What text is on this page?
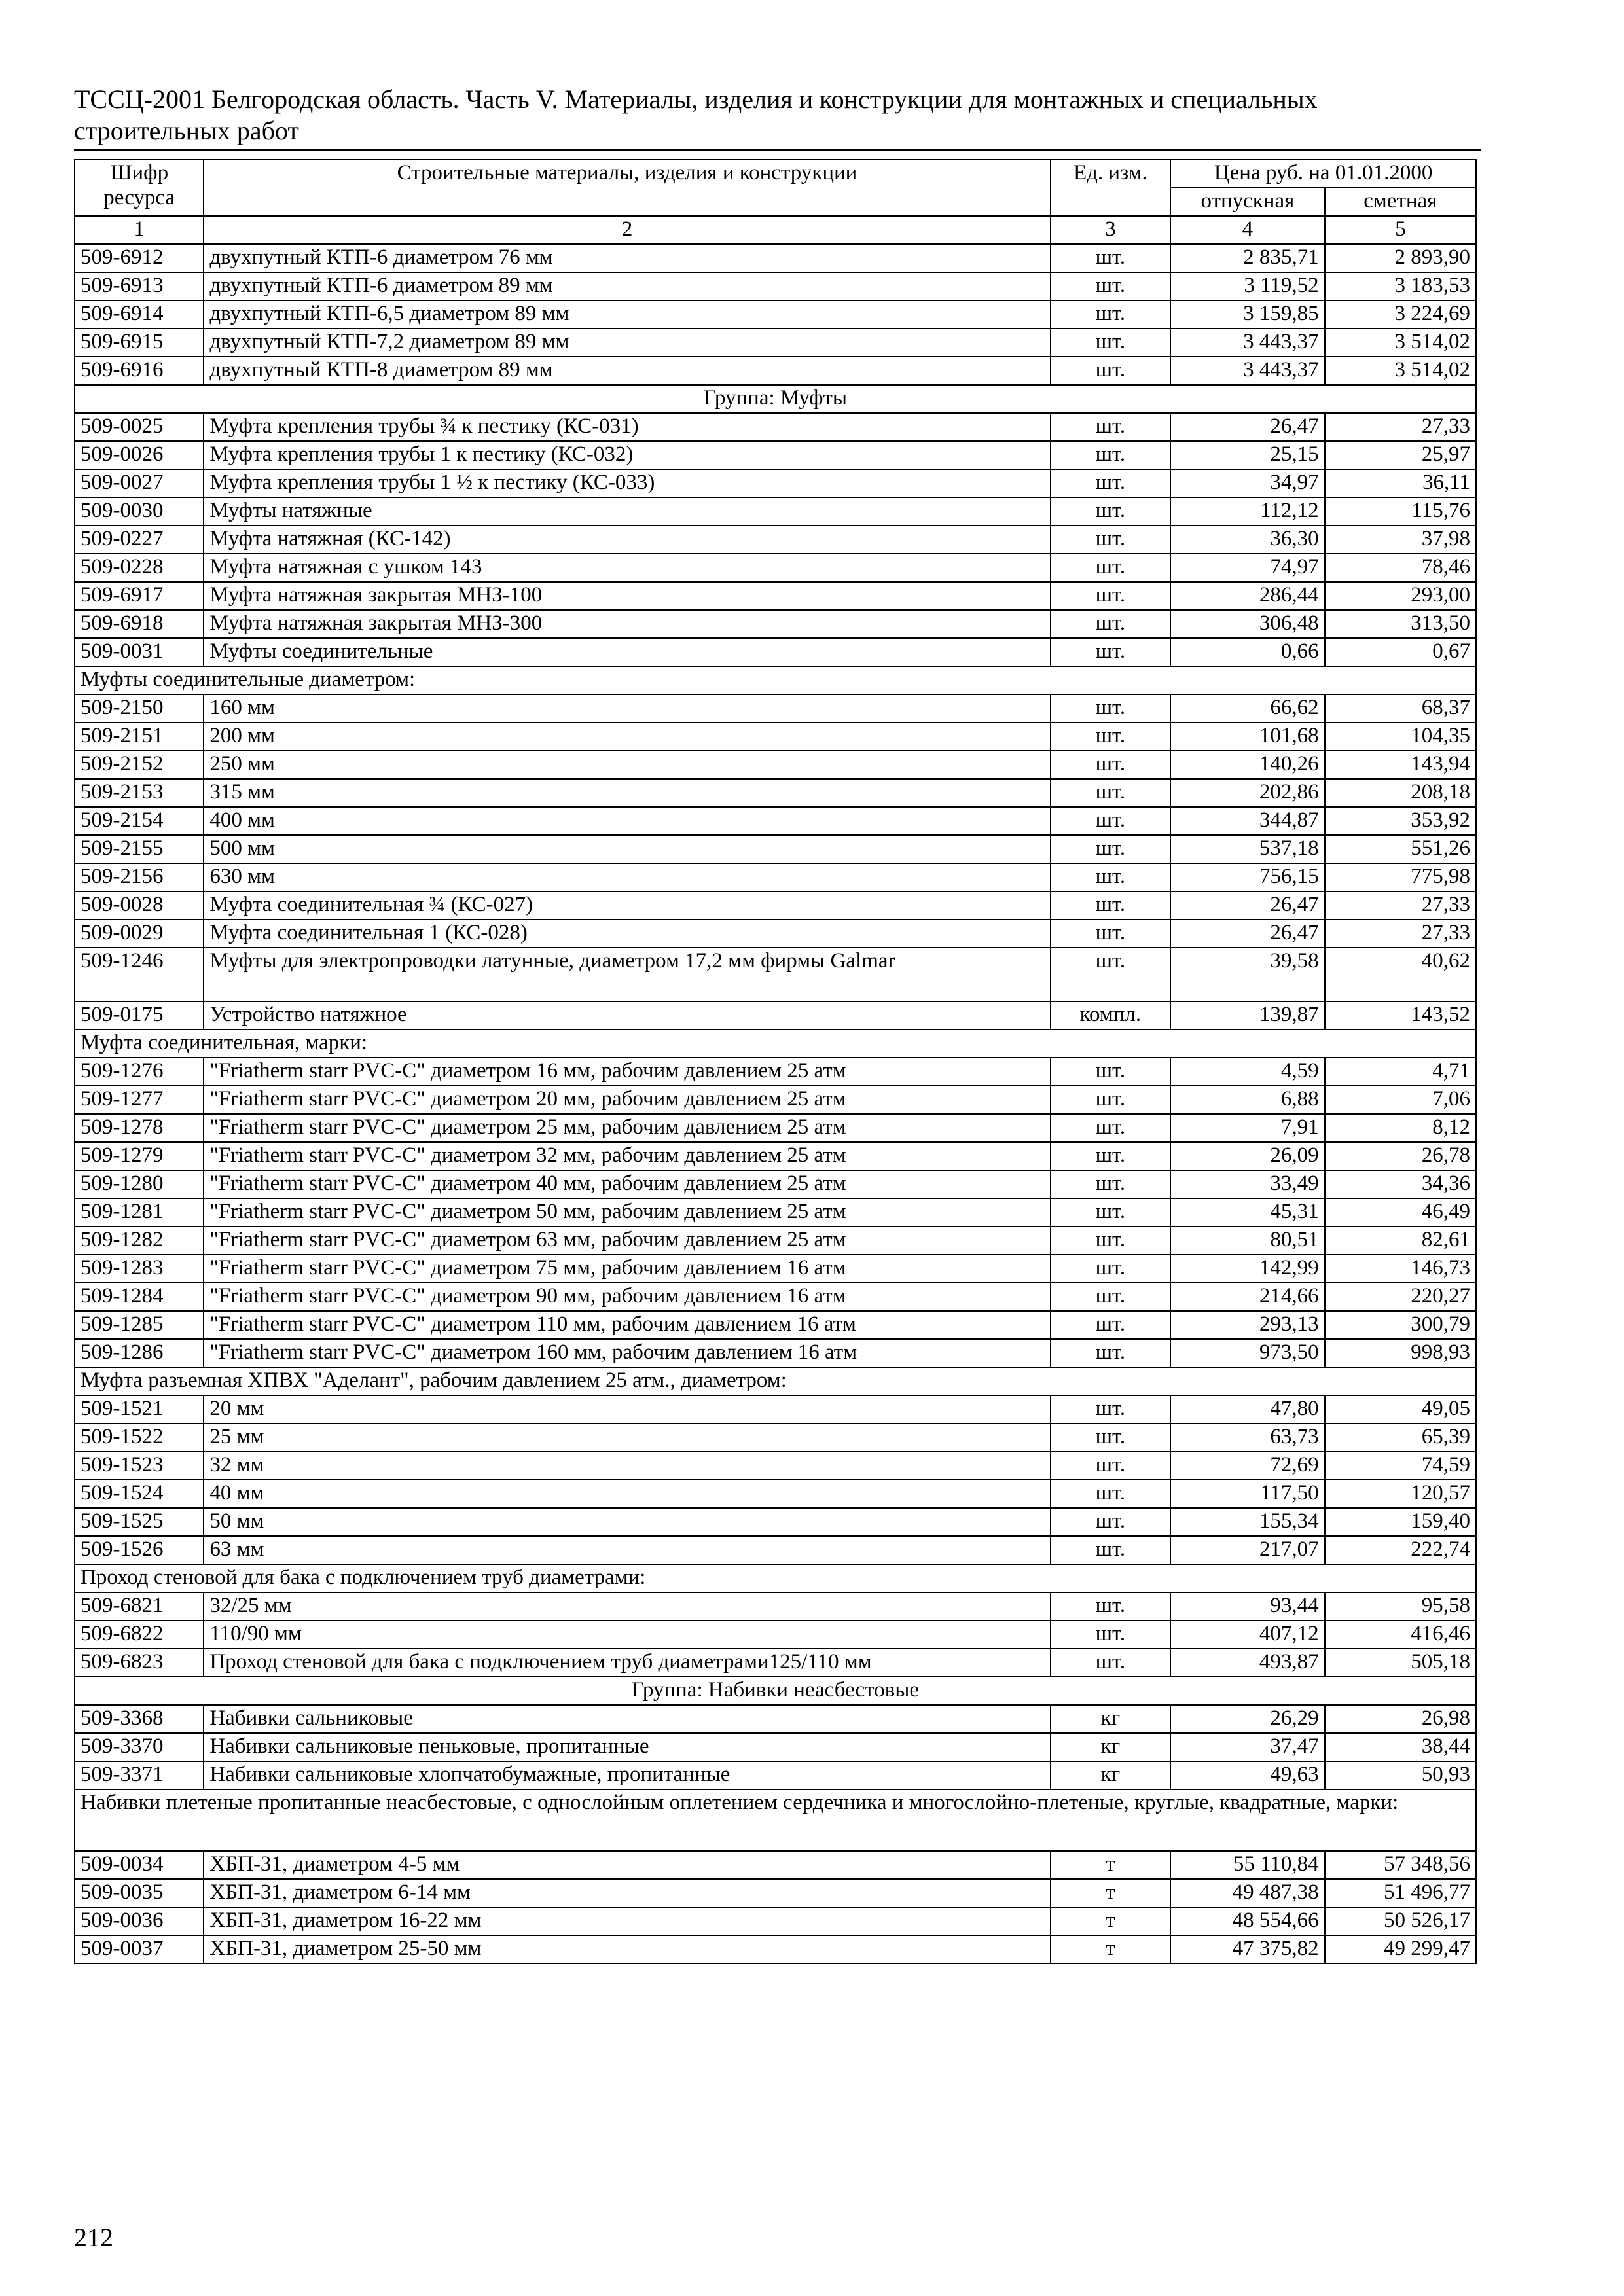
ТССЦ-2001 Белгородская область. Часть V. Материалы, изделия и конструкции для монтажных и специальных

строительных работ
Шифр ресурса	Строительные материалы, изделия и конструкции	Ед. изм.	Цена руб. на 01.01.2000	
			отпускная	сметная
1	2	3	4	5
509-6912	двухпутный КТП-6 диаметром 76 мм	шт.	2 835,71	2 893,90
509-6913	двухпутный КТП-6 диаметром 89 мм	шт.	3 119,52	3 183,53
509-6914	двухпутный КТП-6,5 диаметром 89 мм	шт.	3 159,85	3 224,69
509-6915	двухпутный КТП-7,2 диаметром 89 мм	шт.	3 443,37	3 514,02
509-6916	двухпутный КТП-8 диаметром 89 мм	шт.	3 443,37	3 514,02
Группа: Муфты				
509-0025	Муфта крепления трубы ¾ к пестику (КС-031)	шт.	26,47	27,33
509-0026	Муфта крепления трубы 1 к пестику (КС-032)	шт.	25,15	25,97
509-0027	Муфта крепления трубы 1 ½ к пестику (КС-033)	шт.	34,97	36,11
509-0030	Муфты натяжные	шт.	112,12	115,76
509-0227	Муфта натяжная (КС-142)	шт.	36,30	37,98
509-0228	Муфта натяжная с ушком 143	шт.	74,97	78,46
509-6917	Муфта натяжная закрытая МНЗ-100	шт.	286,44	293,00
509-6918	Муфта натяжная закрытая МНЗ-300	шт.	306,48	313,50
509-0031	Муфты соединительные	шт.	0,66	0,67
Муфты соединительные диаметром:				
509-2150	160 мм	шт.	66,62	68,37
509-2151	200 мм	шт.	101,68	104,35
509-2152	250 мм	шт.	140,26	143,94
509-2153	315 мм	шт.	202,86	208,18
509-2154	400 мм	шт.	344,87	353,92
509-2155	500 мм	шт.	537,18	551,26
509-2156	630 мм	шт.	756,15	775,98
509-0028	Муфта соединительная ¾ (КС-027)	шт.	26,47	27,33
509-0029	Муфта соединительная 1 (КС-028)	шт.	26,47	27,33
509-1246	Муфты для электропроводки латунные, диаметром 17,2 мм фирмы Galmar	шт.	39,58	40,62
509-0175	Устройство натяжное	компл.	139,87	143,52
Муфта соединительная, марки:				
509-1276	"Friatherm starr PVC-C" диаметром 16 мм, рабочим давлением 25 атм	шт.	4,59	4,71
509-1277	"Friatherm starr PVC-C" диаметром 20 мм, рабочим давлением 25 атм	шт.	6,88	7,06
509-1278	"Friatherm starr PVC-C" диаметром 25 мм, рабочим давлением 25 атм	шт.	7,91	8,12
509-1279	"Friatherm starr PVC-C" диаметром 32 мм, рабочим давлением 25 атм	шт.	26,09	26,78
509-1280	"Friatherm starr PVC-C" диаметром 40 мм, рабочим давлением 25 атм	шт.	33,49	34,36
509-1281	"Friatherm starr PVC-C" диаметром 50 мм, рабочим давлением 25 атм	шт.	45,31	46,49
509-1282	"Friatherm starr PVC-C" диаметром 63 мм, рабочим давлением 25 атм	шт.	80,51	82,61
509-1283	"Friatherm starr PVC-C" диаметром 75 мм, рабочим давлением 16 атм	шт.	142,99	146,73
509-1284	"Friatherm starr PVC-C" диаметром 90 мм, рабочим давлением 16 атм	шт.	214,66	220,27
509-1285	"Friatherm starr PVC-C" диаметром 110 мм, рабочим давлением 16 атм	шт.	293,13	300,79
509-1286	"Friatherm starr PVC-C" диаметром 160 мм, рабочим давлением 16 атм	шт.	973,50	998,93
Муфта разъемная ХПВХ "Аделант", рабочим давлением 25 атм., диаметром:				
509-1521	20 мм	шт.	47,80	49,05
509-1522	25 мм	шт.	63,73	65,39
509-1523	32 мм	шт.	72,69	74,59
509-1524	40 мм	шт.	117,50	120,57
509-1525	50 мм	шт.	155,34	159,40
509-1526	63 мм	шт.	217,07	222,74
Проход стеновой для бака с подключением труб диаметрами:				
509-6821	32/25 мм	шт.	93,44	95,58
509-6822	110/90 мм	шт.	407,12	416,46
509-6823	Проход стеновой для бака с подключением труб диаметрами125/110 мм	шт.	493,87	505,18
Группа: Набивки неасбестовые				
509-3368	Набивки сальниковые	кг	26,29	26,98
509-3370	Набивки сальниковые пеньковые, пропитанные	кг	37,47	38,44
509-3371	Набивки сальниковые хлопчатобумажные, пропитанные	кг	49,63	50,93
Набивки плетеные пропитанные неасбестовые, с однослойным оплетением сердечника и многослойно-плетеные, круглые, квадратные, марки:				
509-0034	ХБП-31, диаметром 4-5 мм	т	55 110,84	57 348,56
509-0035	ХБП-31, диаметром 6-14 мм	т	49 487,38	51 496,77
509-0036	ХБП-31, диаметром 16-22 мм	т	48 554,66	50 526,17
509-0037	ХБП-31, диаметром 25-50 мм	т	47 375,82	49 299,47
212
